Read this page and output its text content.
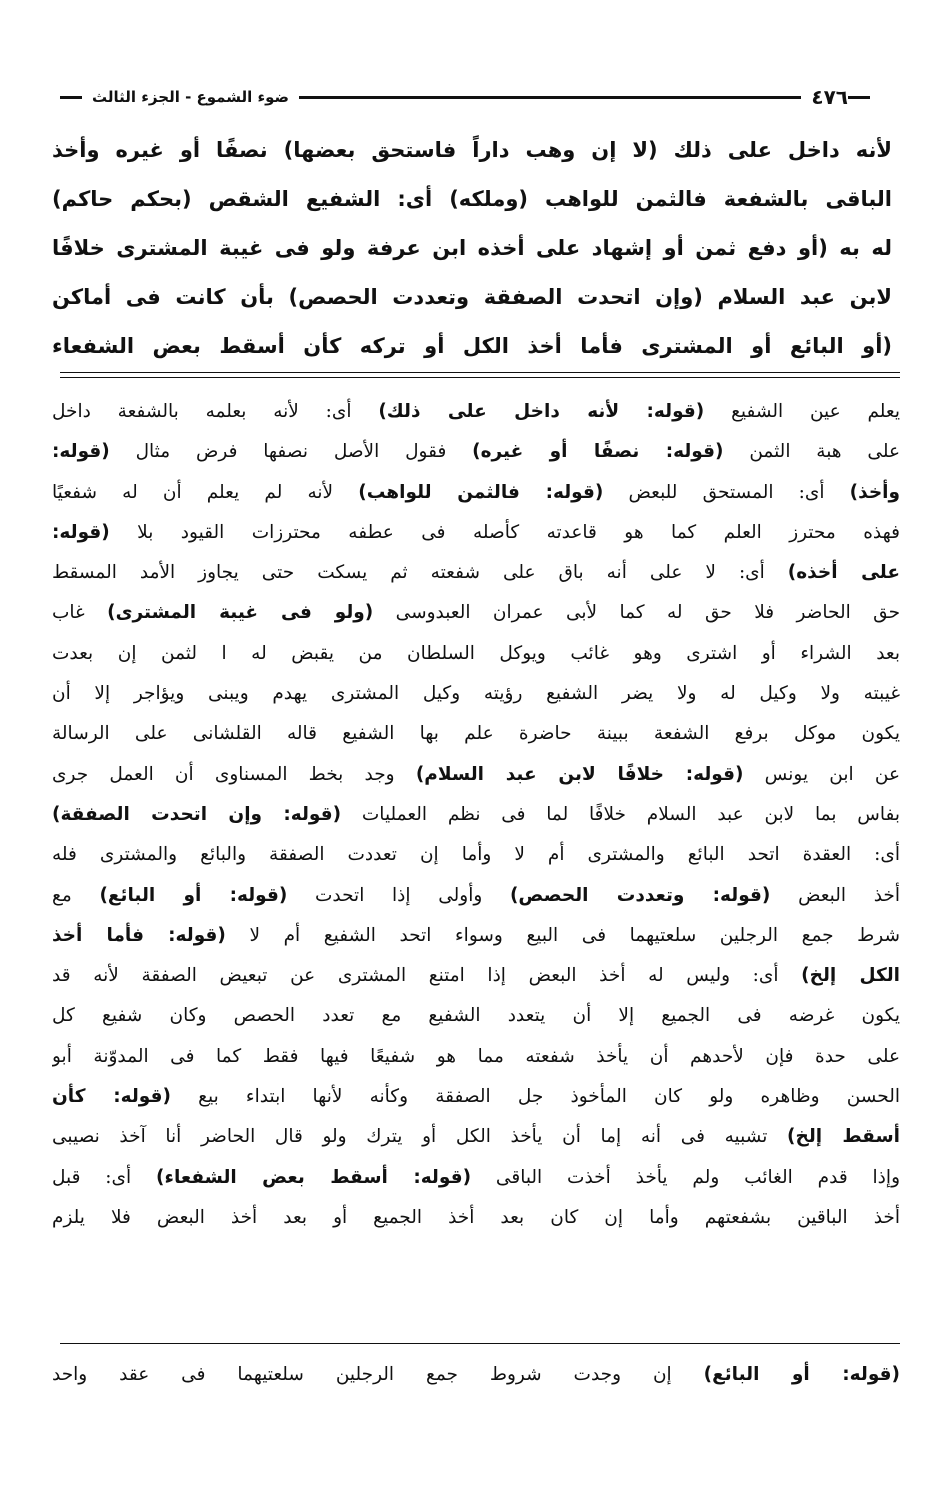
٤٧٦
ضوء الشموع - الجزء الثالث

لأنه داخل على ذلك (لا إن وهب داراً فاستحق بعضها) نصفًا أو غيره وأخذ

الباقى بالشفعة فالثمن للواهب (وملكه) أى: الشفيع الشقص (بحكم حاكم)

له به (أو دفع ثمن أو إشهاد على أخذه ابن عرفة ولو فى غيبة المشترى خلافًا

لابن عبد السلام (وإن اتحدت الصفقة وتعددت الحصص) بأن كانت فى أماكن

(أو البائع أو المشترى فأما أخذ الكل أو تركه كأن أسقط بعض الشفعاء

يعلم عين الشفيع (قوله: لأنه داخل على ذلك) أى: لأنه بعلمه بالشفعة داخل

على هبة الثمن (قوله: نصفًا أو غيره) فقول الأصل نصفها فرض مثال (قوله:

وأخذ) أى: المستحق للبعض (قوله: فالثمن للواهب) لأنه لم يعلم أن له شفعيًا

فهذه محترز العلم كما هو قاعدته كأصله فى عطفه محترزات القيود بلا (قوله:

على أخذه) أى: لا على أنه باق على شفعته ثم يسكت حتى يجاوز الأمد المسقط

حق الحاضر فلا حق له كما لأبى عمران العبدوسى (ولو فى غيبة المشترى) غاب

بعد الشراء أو اشترى وهو غائب ويوكل السلطان من يقبض له ا لثمن إن بعدت

غيبته ولا وكيل له ولا يضر الشفيع رؤيته وكيل المشترى يهدم ويبنى ويؤاجر إلا أن

يكون موكل برفع الشفعة ببينة حاضرة علم بها الشفيع قاله القلشانى على الرسالة

عن ابن يونس (قوله: خلافًا لابن عبد السلام) وجد بخط المسناوى أن العمل جرى

بفاس بما لابن عبد السلام خلافًا لما فى نظم العمليات (قوله: وإن اتحدت الصفقة)

أى: العقدة اتحد البائع والمشترى أم لا وأما إن تعددت الصفقة والبائع والمشترى فله

أخذ البعض (قوله: وتعددت الحصص) وأولى إذا اتحدت (قوله: أو البائع) مع

شرط جمع الرجلين سلعتيهما فى البيع وسواء اتحد الشفيع أم لا (قوله: فأما أخذ

الكل إلخ) أى: وليس له أخذ البعض إذا امتنع المشترى عن تبعيض الصفقة لأنه قد

يكون غرضه فى الجميع إلا أن يتعدد الشفيع مع تعدد الحصص وكان شفيع كل

على حدة فإن لأحدهم أن يأخذ شفعته مما هو شفيعًا فيها فقط كما فى المدوّنة أبو

الحسن وظاهره ولو كان المأخوذ جل الصفقة وكأنه لأنها ابتداء بيع (قوله: كأن

أسقط إلخ) تشبيه فى أنه إما أن يأخذ الكل أو يترك ولو قال الحاضر أنا آخذ نصيبى

وإذا قدم الغائب ولم يأخذ أخذت الباقى (قوله: أسقط بعض الشفعاء) أى: قبل

أخذ الباقين بشفعتهم وأما إن كان بعد أخذ الجميع أو بعد أخذ البعض فلا يلزم

(قوله: أو البائع) إن وجدت شروط جمع الرجلين سلعتيهما فى عقد واحد
